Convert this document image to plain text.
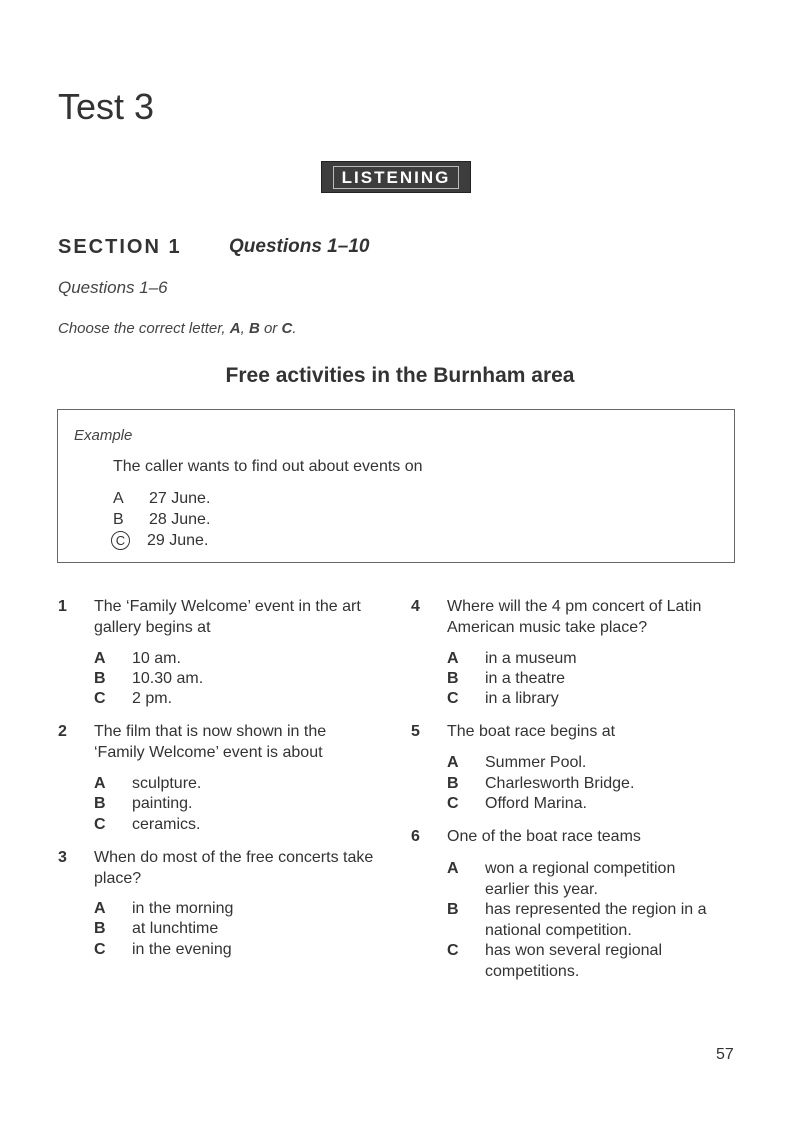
Test 3
LISTENING
SECTION 1 Questions 1–10
Questions 1–6
Choose the correct letter, A, B or C.
Free activities in the Burnham area
Example
The caller wants to find out about events on
A 27 June.
B 28 June.
C 29 June.
1 The ‘Family Welcome’ event in the art gallery begins at
A 10 am.
B 10.30 am.
C 2 pm.
2 The film that is now shown in the ‘Family Welcome’ event is about
A sculpture.
B painting.
C ceramics.
3 When do most of the free concerts take place?
A in the morning
B at lunchtime
C in the evening
4 Where will the 4 pm concert of Latin American music take place?
A in a museum
B in a theatre
C in a library
5 The boat race begins at
A Summer Pool.
B Charlesworth Bridge.
C Offord Marina.
6 One of the boat race teams
A won a regional competition earlier this year.
B has represented the region in a national competition.
C has won several regional competitions.
57
